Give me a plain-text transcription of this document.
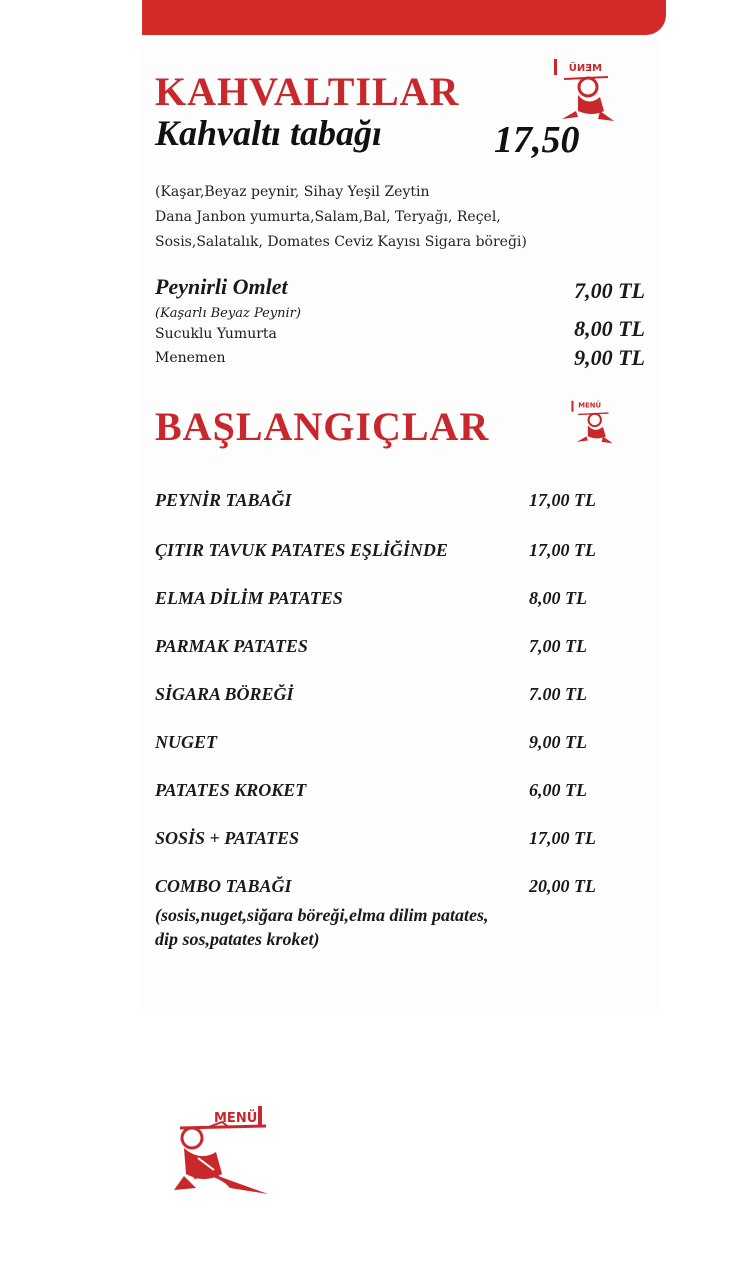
KAHVALTILAR
MENÜ
Kahvaltı tabağı	17,50
(Kaşar,Beyaz peynir, Sihay Yeşil Zeytin
Dana Janbon yumurta,Salam,Bal, Teryağı, Reçel,
Sosis,Salatalık, Domates Ceviz Kayısı Sigara böreği)
Peynirli Omlet	7,00 TL
(Kaşarlı Beyaz Peynir)
Sucuklu Yumurta	8,00 TL
Menemen	9,00 TL
BAŞLANGIÇLAR	MENÜ
PEYNİR TABAĞI	17,00 TL
ÇITIR TAVUK PATATES EŞLİĞİNDE	17,00 TL
ELMA DİLİM PATATES	8,00 TL
PARMAK PATATES	7,00 TL
SİGARA BÖREĞİ	7.00 TL
NUGET	9,00 TL
PATATES KROKET	6,00 TL
SOSİS + PATATES	17,00 TL
COMBO TABAĞI	20,00 TL
(sosis,nuget,siğara böreği,elma dilim patates,
dip sos,patates kroket)
MENÜ
